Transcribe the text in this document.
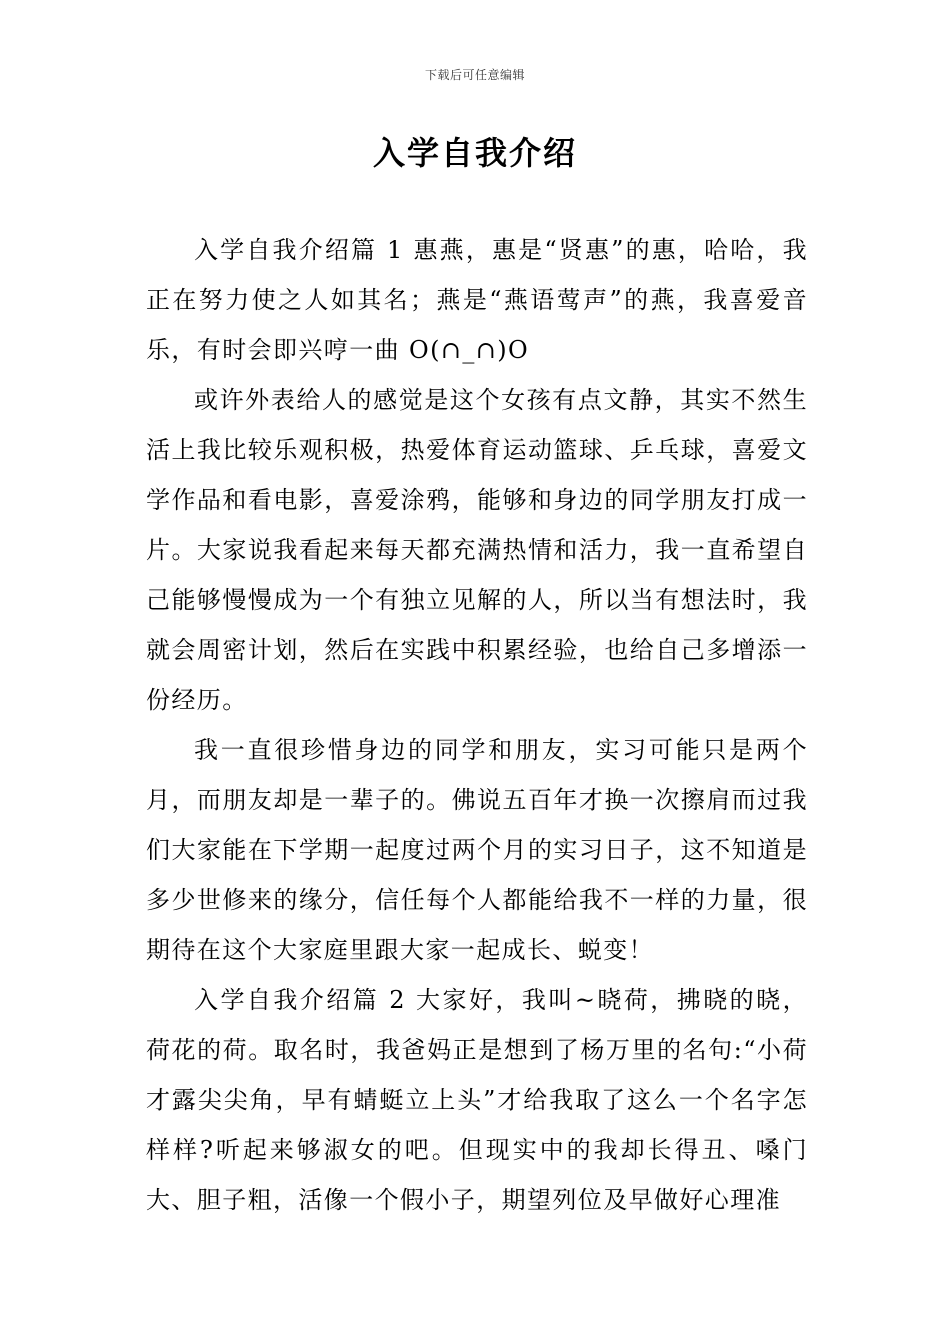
下载后可任意编辑
入学自我介绍

入学自我介绍篇 1 惠燕，惠是“贤惠”的惠，哈哈，我正在努力使之人如其名；燕是“燕语莺声”的燕，我喜爱音乐，有时会即兴哼一曲 O(∩_∩)O

或许外表给人的感觉是这个女孩有点文静，其实不然生活上我比较乐观积极，热爱体育运动篮球、乒乓球，喜爱文学作品和看电影，喜爱涂鸦，能够和身边的同学朋友打成一片。大家说我看起来每天都充满热情和活力，我一直希望自己能够慢慢成为一个有独立见解的人，所以当有想法时，我就会周密计划，然后在实践中积累经验，也给自己多增添一份经历。

我一直很珍惜身边的同学和朋友，实习可能只是两个月，而朋友却是一辈子的。佛说五百年才换一次擦肩而过我们大家能在下学期一起度过两个月的实习日子，这不知道是多少世修来的缘分，信任每个人都能给我不一样的力量，很期待在这个大家庭里跟大家一起成长、蜕变！

入学自我介绍篇 2 大家好，我叫~晓荷，拂晓的晓，荷花的荷。取名时，我爸妈正是想到了杨万里的名句:“小荷才露尖尖角，早有蜻蜓立上头”才给我取了这么一个名字怎样样?听起来够淑女的吧。但现实中的我却长得丑、嗓门大、胆子粗，活像一个假小子，期望列位及早做好心理准
